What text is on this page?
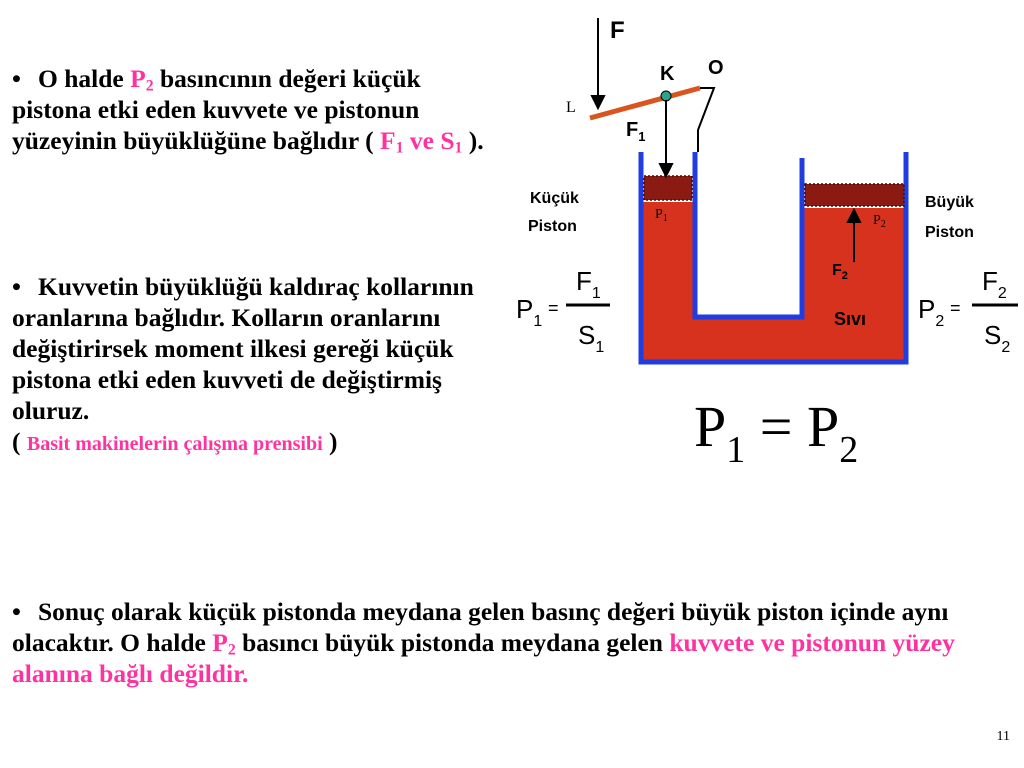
• O halde $P_2$ basıncının değeri küçük pistona etki eden kuvvete ve pistonun yüzeyinin büyüklüğüne bağlıdır ( $F_1$ ve $S_1$ ).
• Kuvvetin büyüklüğü kaldıraç kollarının oranlarına bağlıdır. Kolların oranlarını değiştirirsek moment ilkesi gereği küçük pistona etki eden kuvveti de değiştirmiş oluruz.
( Basit makinelerin çalışma prensibi )
• Sonuç olarak küçük pistonda meydana gelen basınç değeri büyük piston içinde aynı olacaktır. O halde $P_2$ basıncı büyük pistonda meydana gelen kuvvete ve pistonun yüzey alanına bağlı değildir.
$P_1 = P_2$
F
K O
$F_1$
Küçük
Piston
Büyük
Piston
$F_2$
Sıvı
L
$P_1$	$P_2$
$P_1$
=
$F_1$
$S_1$
$P_2$
=
$F_2$
$S_2$
11
